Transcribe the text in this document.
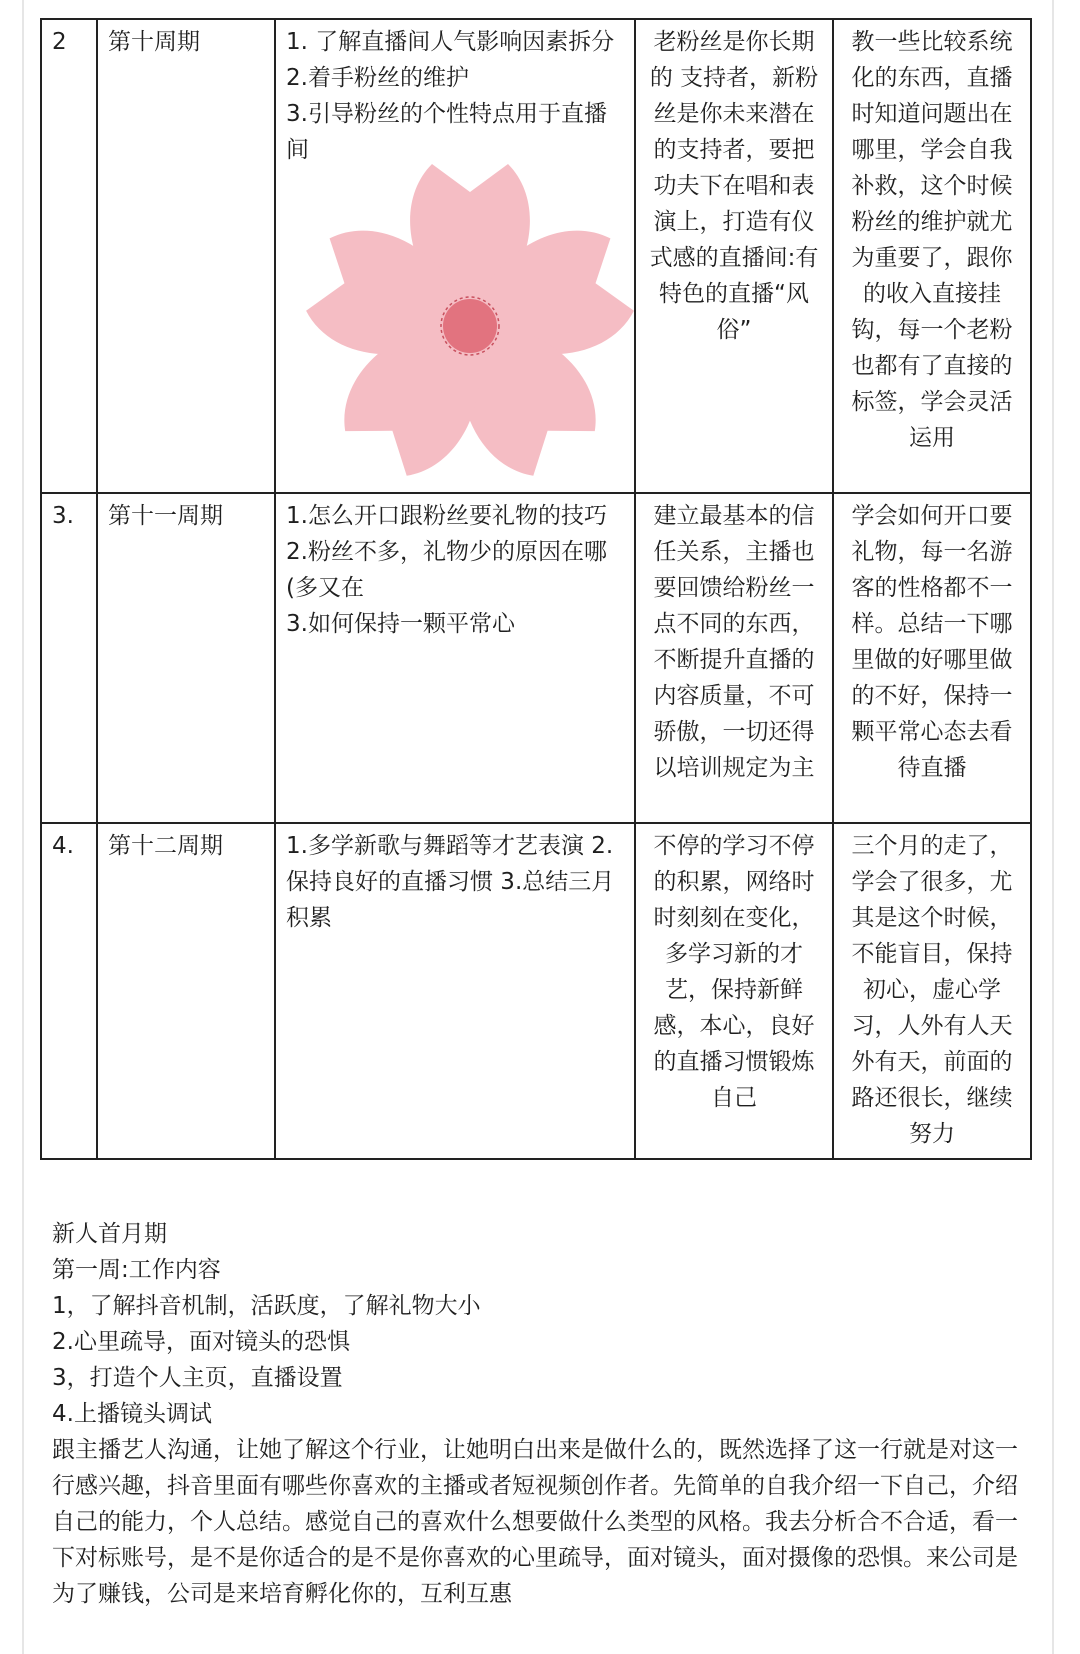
2	第十周期	1. 了解直播间人气影响因素拆分
2.着手粉丝的维护
3.引导粉丝的个性特点用于直播间	老粉丝是你长期的 支持者，新粉丝是你未来潜在的支持者，要把功夫下在唱和表演上，打造有仪式感的直播间:有特色的直播“风俗”	教一些比较系统化的东西，直播时知道问题出在哪里，学会自我补救，这个时候粉丝的维护就尤为重要了，跟你的收入直接挂钩，每一个老粉也都有了直接的标签，学会灵活运用
3.	第十一周期	1.怎么开口跟粉丝要礼物的技巧
2.粉丝不多，礼物少的原因在哪(多又在
3.如何保持一颗平常心	建立最基本的信任关系，主播也要回馈给粉丝一点不同的东西，不断提升直播的内容质量，不可骄傲，一切还得以培训规定为主	学会如何开口要礼物，每一名游客的性格都不一样。总结一下哪里做的好哪里做的不好，保持一颗平常心态去看待直播
4.	第十二周期	1.多学新歌与舞蹈等才艺表演 2.保持良好的直播习惯 3.总结三月积累	不停的学习不停的积累，网络时时刻刻在变化，多学习新的才艺，保持新鲜感，本心，良好的直播习惯锻炼自己	三个月的走了，学会了很多，尤其是这个时候，不能盲目，保持初心，虚心学习，人外有人天外有天，前面的路还很长，继续努力
新人首月期
第一周:工作内容
1，了解抖音机制，活跃度，了解礼物大小
2.心里疏导，面对镜头的恐惧
3，打造个人主页，直播设置
4.上播镜头调试
跟主播艺人沟通，让她了解这个行业，让她明白出来是做什么的，既然选择了这一行就是对这一行感兴趣，抖音里面有哪些你喜欢的主播或者短视频创作者。先简单的自我介绍一下自己，介绍自己的能力，个人总结。感觉自己的喜欢什么想要做什么类型的风格。我去分析合不合适，看一下对标账号，是不是你适合的是不是你喜欢的心里疏导，面对镜头，面对摄像的恐惧。来公司是为了赚钱，公司是来培育孵化你的，互利互惠
